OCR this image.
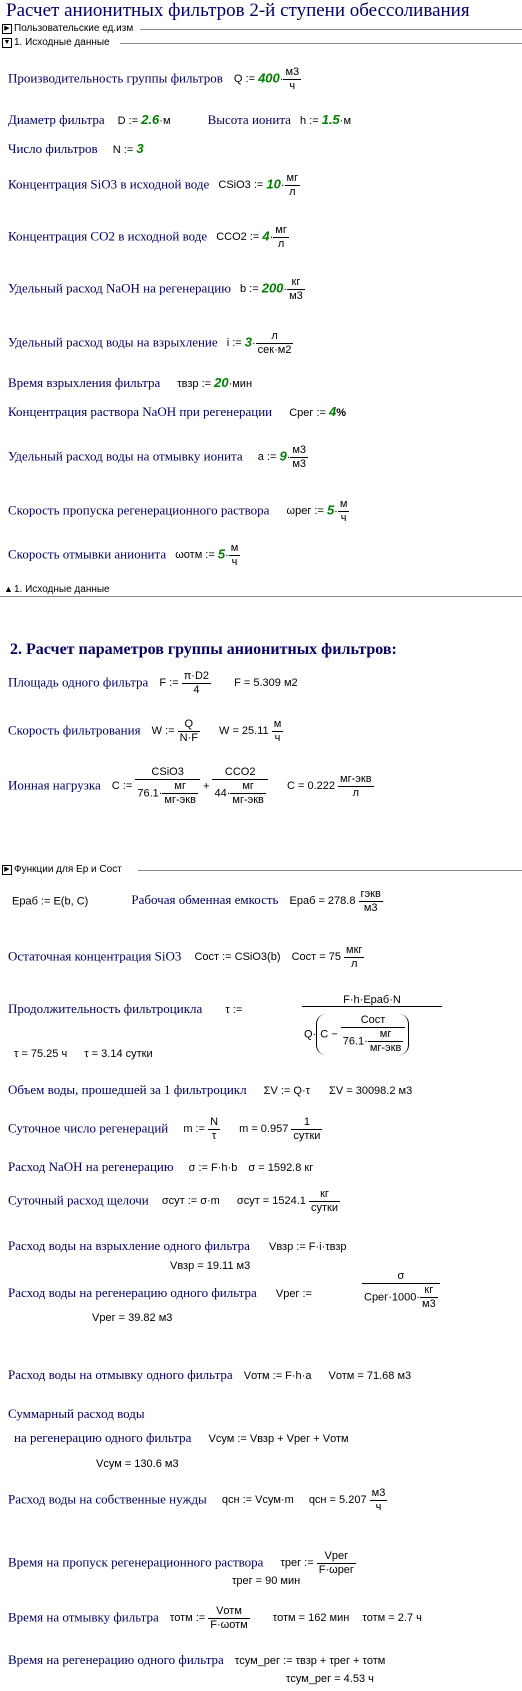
Расчет анионитных фильтров 2-й ступени обессоливания
▶ Пользовательские ед.изм
▼ 1. Исходные данные
Производительность группы фильтров Q := $400\cdot \frac{м3}{ч}$
Диаметр фильтра D := 2.6·м	Высота ионита h := 1.5·м
Число фильтров N := 3
Концентрация SiO3 в исходной воде CSiO3 := $10\cdot \frac{мг}{л}$
Концентрация CO2 в исходной воде CCO2 := $4\cdot \frac{мг}{л}$
Удельный расход NaOH на регенерацию b := $200\cdot \frac{кг}{м3}$
Удельный расход воды на взрыхление i := $3\cdot \frac{л}{\text{сек·м2}}$
Время взрыхления фильтра τвзр := 20·мин
Концентрация раствора NaOH при регенерации Cрег := 4%
Удельный расход воды на отмывку ионита a := $9\cdot \frac{м3}{м3}$
Скорость пропуска регенерационного раствора ωрег := $5\cdot \frac{м}{ч}$
Скорость отмывки анионита ωотм := $5\cdot \frac{м}{ч}$
▲ 1. Исходные данные
2. Расчет параметров группы анионитных фильтров:
Площадь одного фильтра F := $\frac{\pi\cdot D2}{4}$ F = 5.309 м2
Скорость фильтрования W := $\frac{Q}{N\cdot F}$ $W = 25.11 \frac{м}{ч}$
Ионная нагрузка C := $\frac{\text{CSiO3}}{76.1\cdot \frac{мг}{\text{мг-экв}}} + \frac{\text{CCO2}}{44\cdot \frac{мг}{\text{мг-экв}}}$ $C = 0.222 \frac{\text{мг-экв}}{л}$
▶ Функции для Ер и Сост
Eраб := E(b, C)	Рабочая обменная емкость Eраб = $278.8 \frac{\text{гэкв}}{м3}$
Остаточная концентрация SiO3 Cост := CSiO3(b) Cост = $75 \frac{\text{мкг}}{л}$
Продолжительность фильтроцикла τ :=
F·h·Eраб·N
$Q\cdot C - \frac{\text{Cост}}{76.1\cdot \frac{мг}{\text{мг-экв}}}$
τ = 75.25 ч τ = 3.14 сутки
Объем воды, прошедшей за 1 фильтроцикл ΣV := Q·τ ΣV = 30098.2 м3
Суточное число регенераций m := $\frac{N}{\tau}$ $m = 0.957 \frac{1}{\text{сутки}}$
Расход NaOH на регенерацию σ := F·h·b σ = 1592.8 кг
Суточный расход щелочи σсут := σ·m $\sigma сут = 1524.1 \frac{кг}{\text{сутки}}$
Расход воды на взрыхление одного фильтра Vвзр := F·i·τвзр
Vвзр = 19.11 м3
Расход воды на регенерацию одного фильтра Vрег :=	$\frac{\sigma}{Cрег\cdot 1000\cdot \frac{кг}{м3}}$
Vрег = 39.82 м3
Расход воды на отмывку одного фильтра Vотм := F·h·a Vотм = 71.68 м3
Суммарный расход воды
на регенерацию одного фильтра Vсум := Vвзр + Vрег + Vотм
Vсум = 130.6 м3
Расход воды на собственные нужды qсн := Vсум·m qсн = $5.207 \frac{м3}{ч}$
Время на пропуск регенерационного раствора τрег := $\frac{\text{Vрег}}{\text{F·ωрег}}$
τрег = 90 мин
Время на отмывку фильтра τотм := $\frac{\text{Vотм}}{\text{F·ωотм}}$ τотм = 162 мин τотм = 2.7 ч
Время на регенерацию одного фильтра τсум_рег := τвзр + τрег + τотм
τсум_рег = 4.53 ч
